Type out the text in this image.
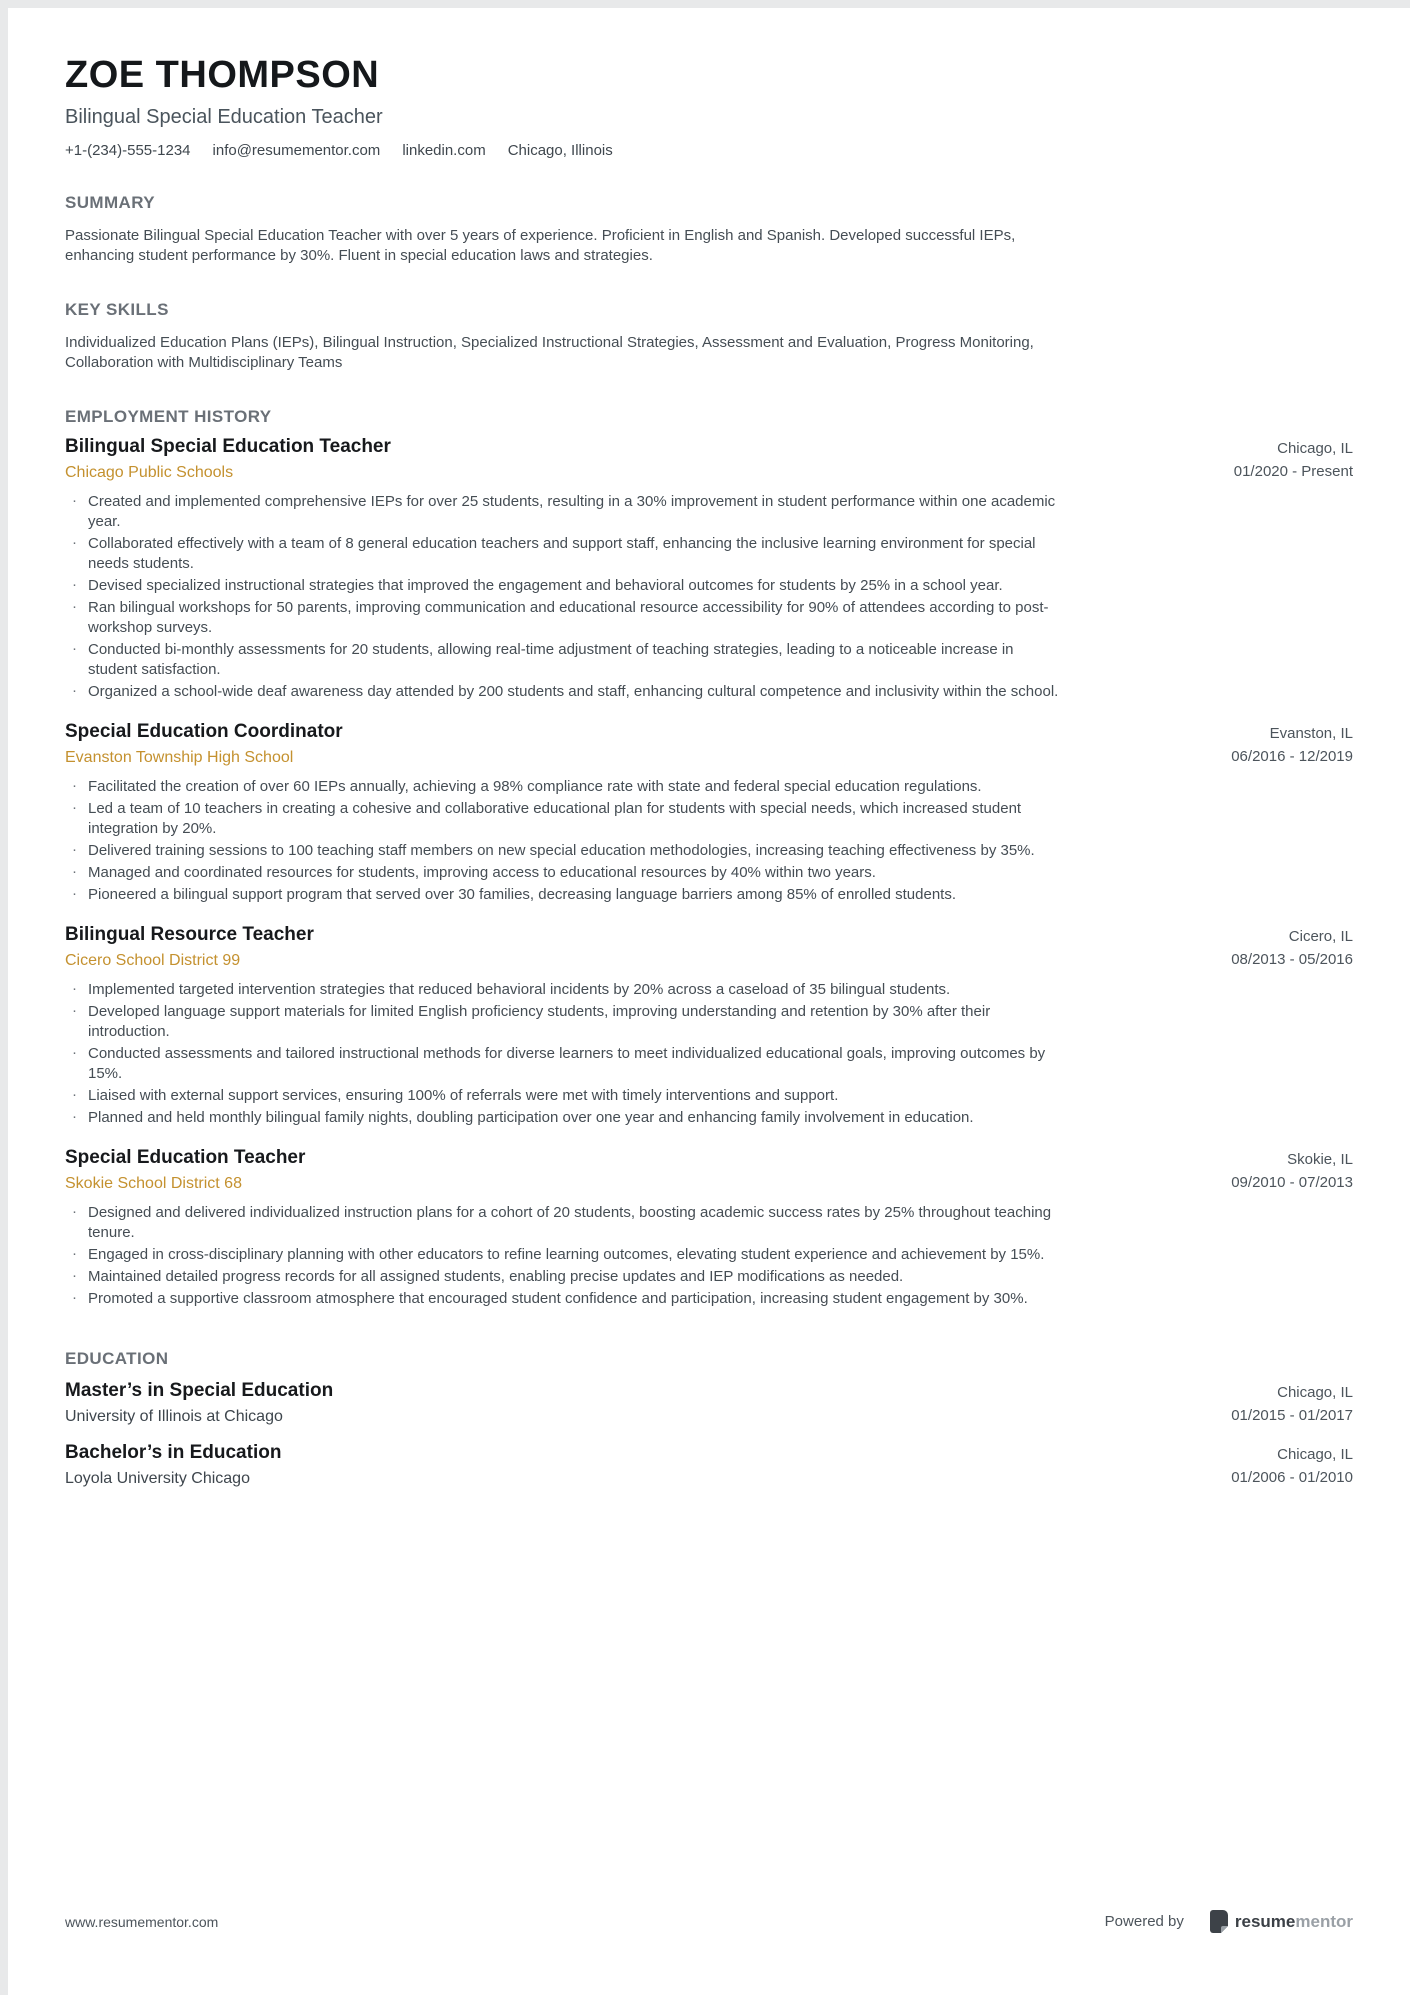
ZOE THOMPSON
Bilingual Special Education Teacher
+1-(234)-555-1234 info@resumementor.com linkedin.com Chicago, Illinois
SUMMARY

Passionate Bilingual Special Education Teacher with over 5 years of experience. Proficient in English and Spanish. Developed successful IEPs, enhancing student performance by 30%. Fluent in special education laws and strategies.

KEY SKILLS

Individualized Education Plans (IEPs), Bilingual Instruction, Specialized Instructional Strategies, Assessment and Evaluation, Progress Monitoring, Collaboration with Multidisciplinary Teams

EMPLOYMENT HISTORY
Bilingual Special Education Teacher
Chicago Public Schools
Chicago, IL
01/2020 - Present
· Created and implemented comprehensive IEPs for over 25 students, resulting in a 30% improvement in student performance within one academic year.
· Collaborated effectively with a team of 8 general education teachers and support staff, enhancing the inclusive learning environment for special needs students.
· Devised specialized instructional strategies that improved the engagement and behavioral outcomes for students by 25% in a school year.
· Ran bilingual workshops for 50 parents, improving communication and educational resource accessibility for 90% of attendees according to post-workshop surveys.
· Conducted bi-monthly assessments for 20 students, allowing real-time adjustment of teaching strategies, leading to a noticeable increase in student satisfaction.
· Organized a school-wide deaf awareness day attended by 200 students and staff, enhancing cultural competence and inclusivity within the school.
Special Education Coordinator
Evanston Township High School
Evanston, IL
06/2016 - 12/2019
· Facilitated the creation of over 60 IEPs annually, achieving a 98% compliance rate with state and federal special education regulations.
· Led a team of 10 teachers in creating a cohesive and collaborative educational plan for students with special needs, which increased student integration by 20%.
· Delivered training sessions to 100 teaching staff members on new special education methodologies, increasing teaching effectiveness by 35%.
· Managed and coordinated resources for students, improving access to educational resources by 40% within two years.
· Pioneered a bilingual support program that served over 30 families, decreasing language barriers among 85% of enrolled students.
Bilingual Resource Teacher
Cicero School District 99
Cicero, IL
08/2013 - 05/2016
· Implemented targeted intervention strategies that reduced behavioral incidents by 20% across a caseload of 35 bilingual students.
· Developed language support materials for limited English proficiency students, improving understanding and retention by 30% after their introduction.
· Conducted assessments and tailored instructional methods for diverse learners to meet individualized educational goals, improving outcomes by 15%.
· Liaised with external support services, ensuring 100% of referrals were met with timely interventions and support.
· Planned and held monthly bilingual family nights, doubling participation over one year and enhancing family involvement in education.
Special Education Teacher
Skokie School District 68
Skokie, IL
09/2010 - 07/2013
· Designed and delivered individualized instruction plans for a cohort of 20 students, boosting academic success rates by 25% throughout teaching tenure.
· Engaged in cross-disciplinary planning with other educators to refine learning outcomes, elevating student experience and achievement by 15%.
· Maintained detailed progress records for all assigned students, enabling precise updates and IEP modifications as needed.
· Promoted a supportive classroom atmosphere that encouraged student confidence and participation, increasing student engagement by 30%.
EDUCATION
Master’s in Special Education
University of Illinois at Chicago
Chicago, IL
01/2015 - 01/2017
Bachelor’s in Education
Loyola University Chicago
Chicago, IL
01/2006 - 01/2010
www.resumementor.com	Powered by	resumementor
